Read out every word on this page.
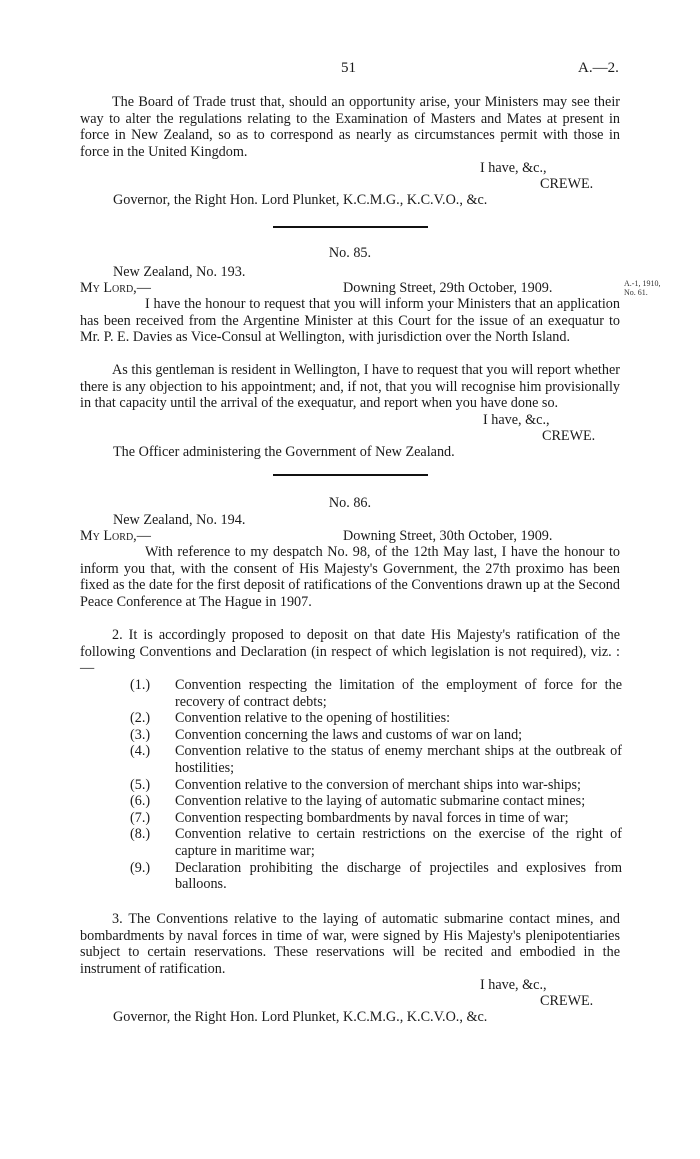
51	A.—2.
The Board of Trade trust that, should an opportunity arise, your Ministers may see their way to alter the regulations relating to the Examination of Masters and Mates at present in force in New Zealand, so as to correspond as nearly as circumstances permit with those in force in the United Kingdom.
I have, &c.,
CREWE.
Governor, the Right Hon. Lord Plunket, K.C.M.G., K.C.V.O., &c.
No. 85.
New Zealand, No. 193.
My Lord,—	Downing Street, 29th October, 1909.	A.-1, 1910, No. 61.
I have the honour to request that you will inform your Ministers that an application has been received from the Argentine Minister at this Court for the issue of an exequatur to Mr. P. E. Davies as Vice-Consul at Wellington, with jurisdiction over the North Island.
As this gentleman is resident in Wellington, I have to request that you will report whether there is any objection to his appointment; and, if not, that you will recognise him provisionally in that capacity until the arrival of the exequatur, and report when you have done so.
I have, &c.,
CREWE.
The Officer administering the Government of New Zealand.
No. 86.
New Zealand, No. 194.
My Lord,—	Downing Street, 30th October, 1909.
With reference to my despatch No. 98, of the 12th May last, I have the honour to inform you that, with the consent of His Majesty's Government, the 27th proximo has been fixed as the date for the first deposit of ratifications of the Conventions drawn up at the Second Peace Conference at The Hague in 1907.
2. It is accordingly proposed to deposit on that date His Majesty's ratification of the following Conventions and Declaration (in respect of which legislation is not required), viz. :—
(1.) Convention respecting the limitation of the employment of force for the recovery of contract debts;
(2.) Convention relative to the opening of hostilities:
(3.) Convention concerning the laws and customs of war on land;
(4.) Convention relative to the status of enemy merchant ships at the outbreak of hostilities;
(5.) Convention relative to the conversion of merchant ships into war-ships;
(6.) Convention relative to the laying of automatic submarine contact mines;
(7.) Convention respecting bombardments by naval forces in time of war;
(8.) Convention relative to certain restrictions on the exercise of the right of capture in maritime war;
(9.) Declaration prohibiting the discharge of projectiles and explosives from balloons.
3. The Conventions relative to the laying of automatic submarine contact mines, and bombardments by naval forces in time of war, were signed by His Majesty's plenipotentiaries subject to certain reservations. These reservations will be recited and embodied in the instrument of ratification.
I have, &c.,
CREWE.
Governor, the Right Hon. Lord Plunket, K.C.M.G., K.C.V.O., &c.
